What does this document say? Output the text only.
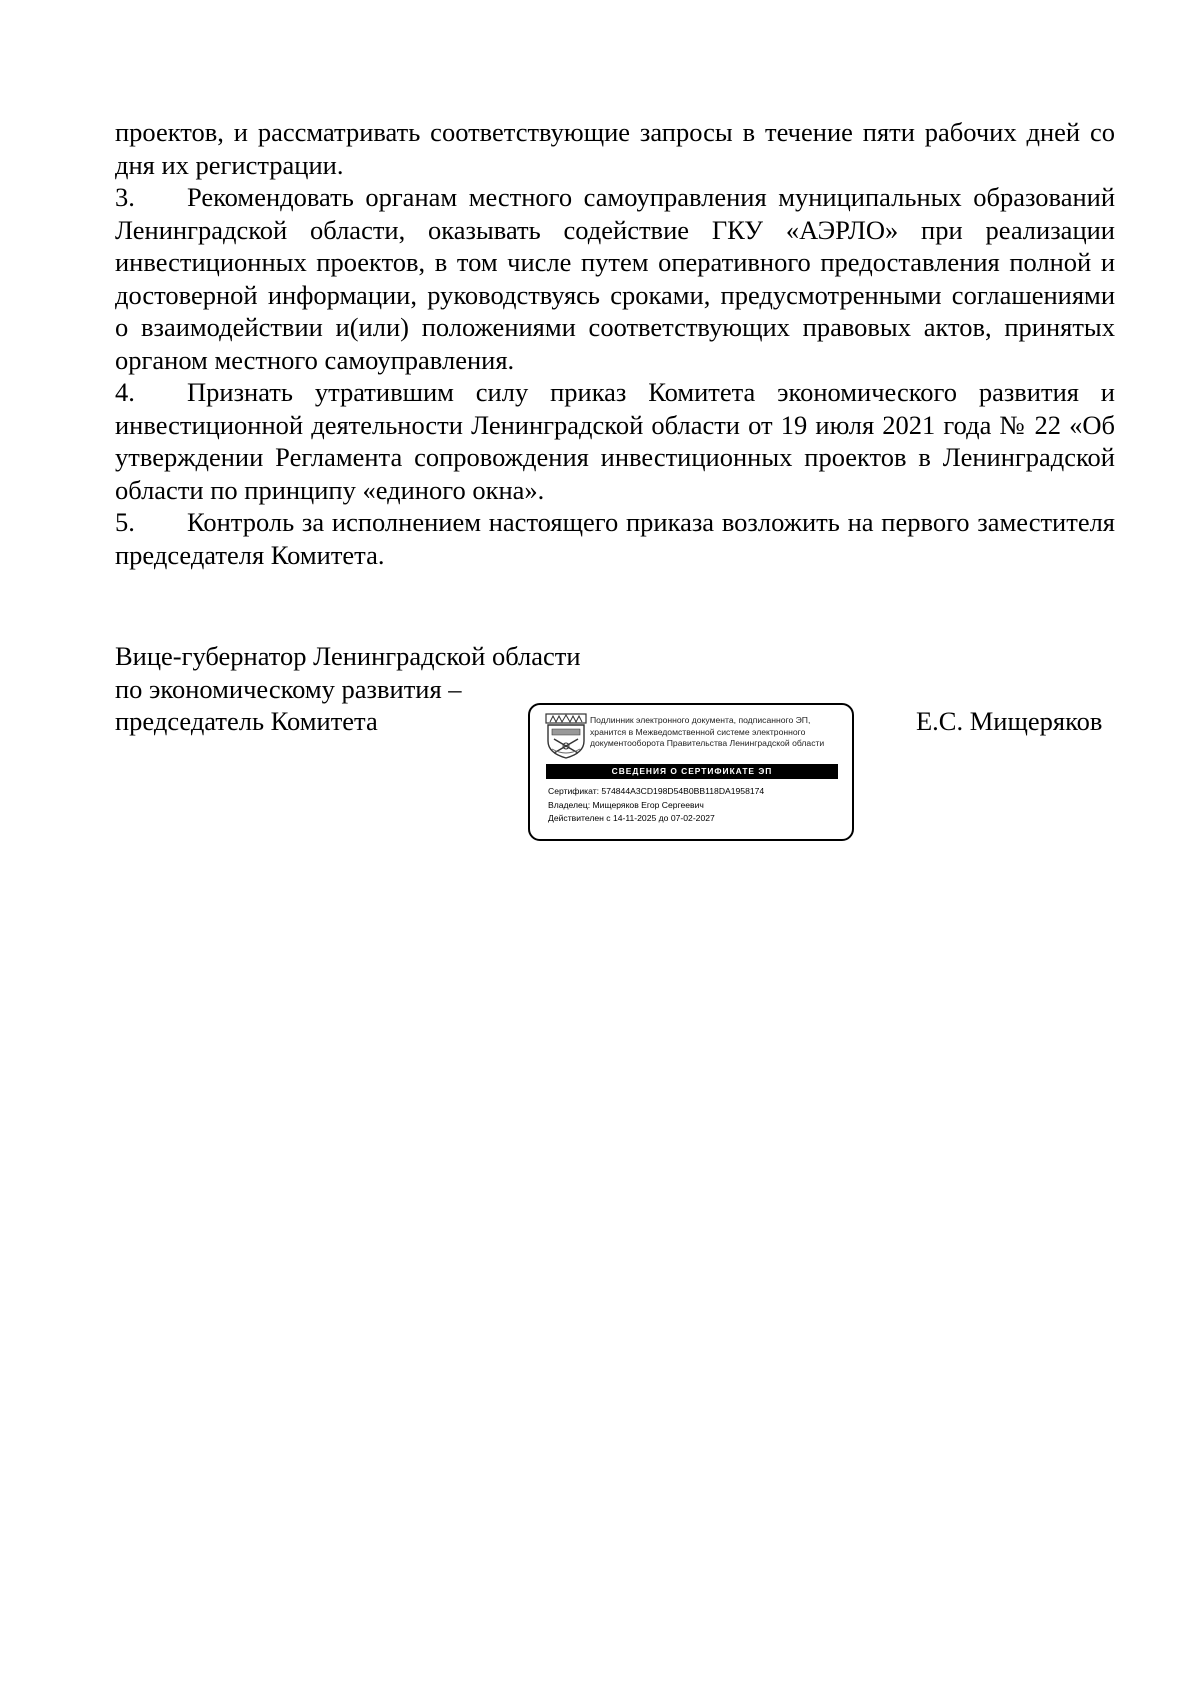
проектов, и рассматривать соответствующие запросы в течение пяти рабочих дней со дня их регистрации.

3. Рекомендовать органам местного самоуправления муниципальных образований Ленинградской области, оказывать содействие ГКУ «АЭРЛО» при реализации инвестиционных проектов, в том числе путем оперативного предоставления полной и достоверной информации, руководствуясь сроками, предусмотренными соглашениями о взаимодействии и(или) положениями соответствующих правовых актов, принятых органом местного самоуправления.

4. Признать утратившим силу приказ Комитета экономического развития и инвестиционной деятельности Ленинградской области от 19 июля 2021 года № 22 «Об утверждении Регламента сопровождения инвестиционных проектов в Ленинградской области по принципу «единого окна».

5. Контроль за исполнением настоящего приказа возложить на первого заместителя председателя Комитета.

Вице-губернатор Ленинградской области
по экономическому развития –
председатель Комитета	Подлинник электронного документа, подписанного ЭП,
хранится в Межведомственной системе электронного
документооборота Правительства Ленинградской области
СВЕДЕНИЯ О СЕРТИФИКАТЕ ЭП
Сертификат: 574844A3CD198D54B0BB118DA1958174
Владелец: Мищеряков Егор Сергеевич
Действителен с 14-11-2025 до 07-02-2027
Е.С. Мищеряков
